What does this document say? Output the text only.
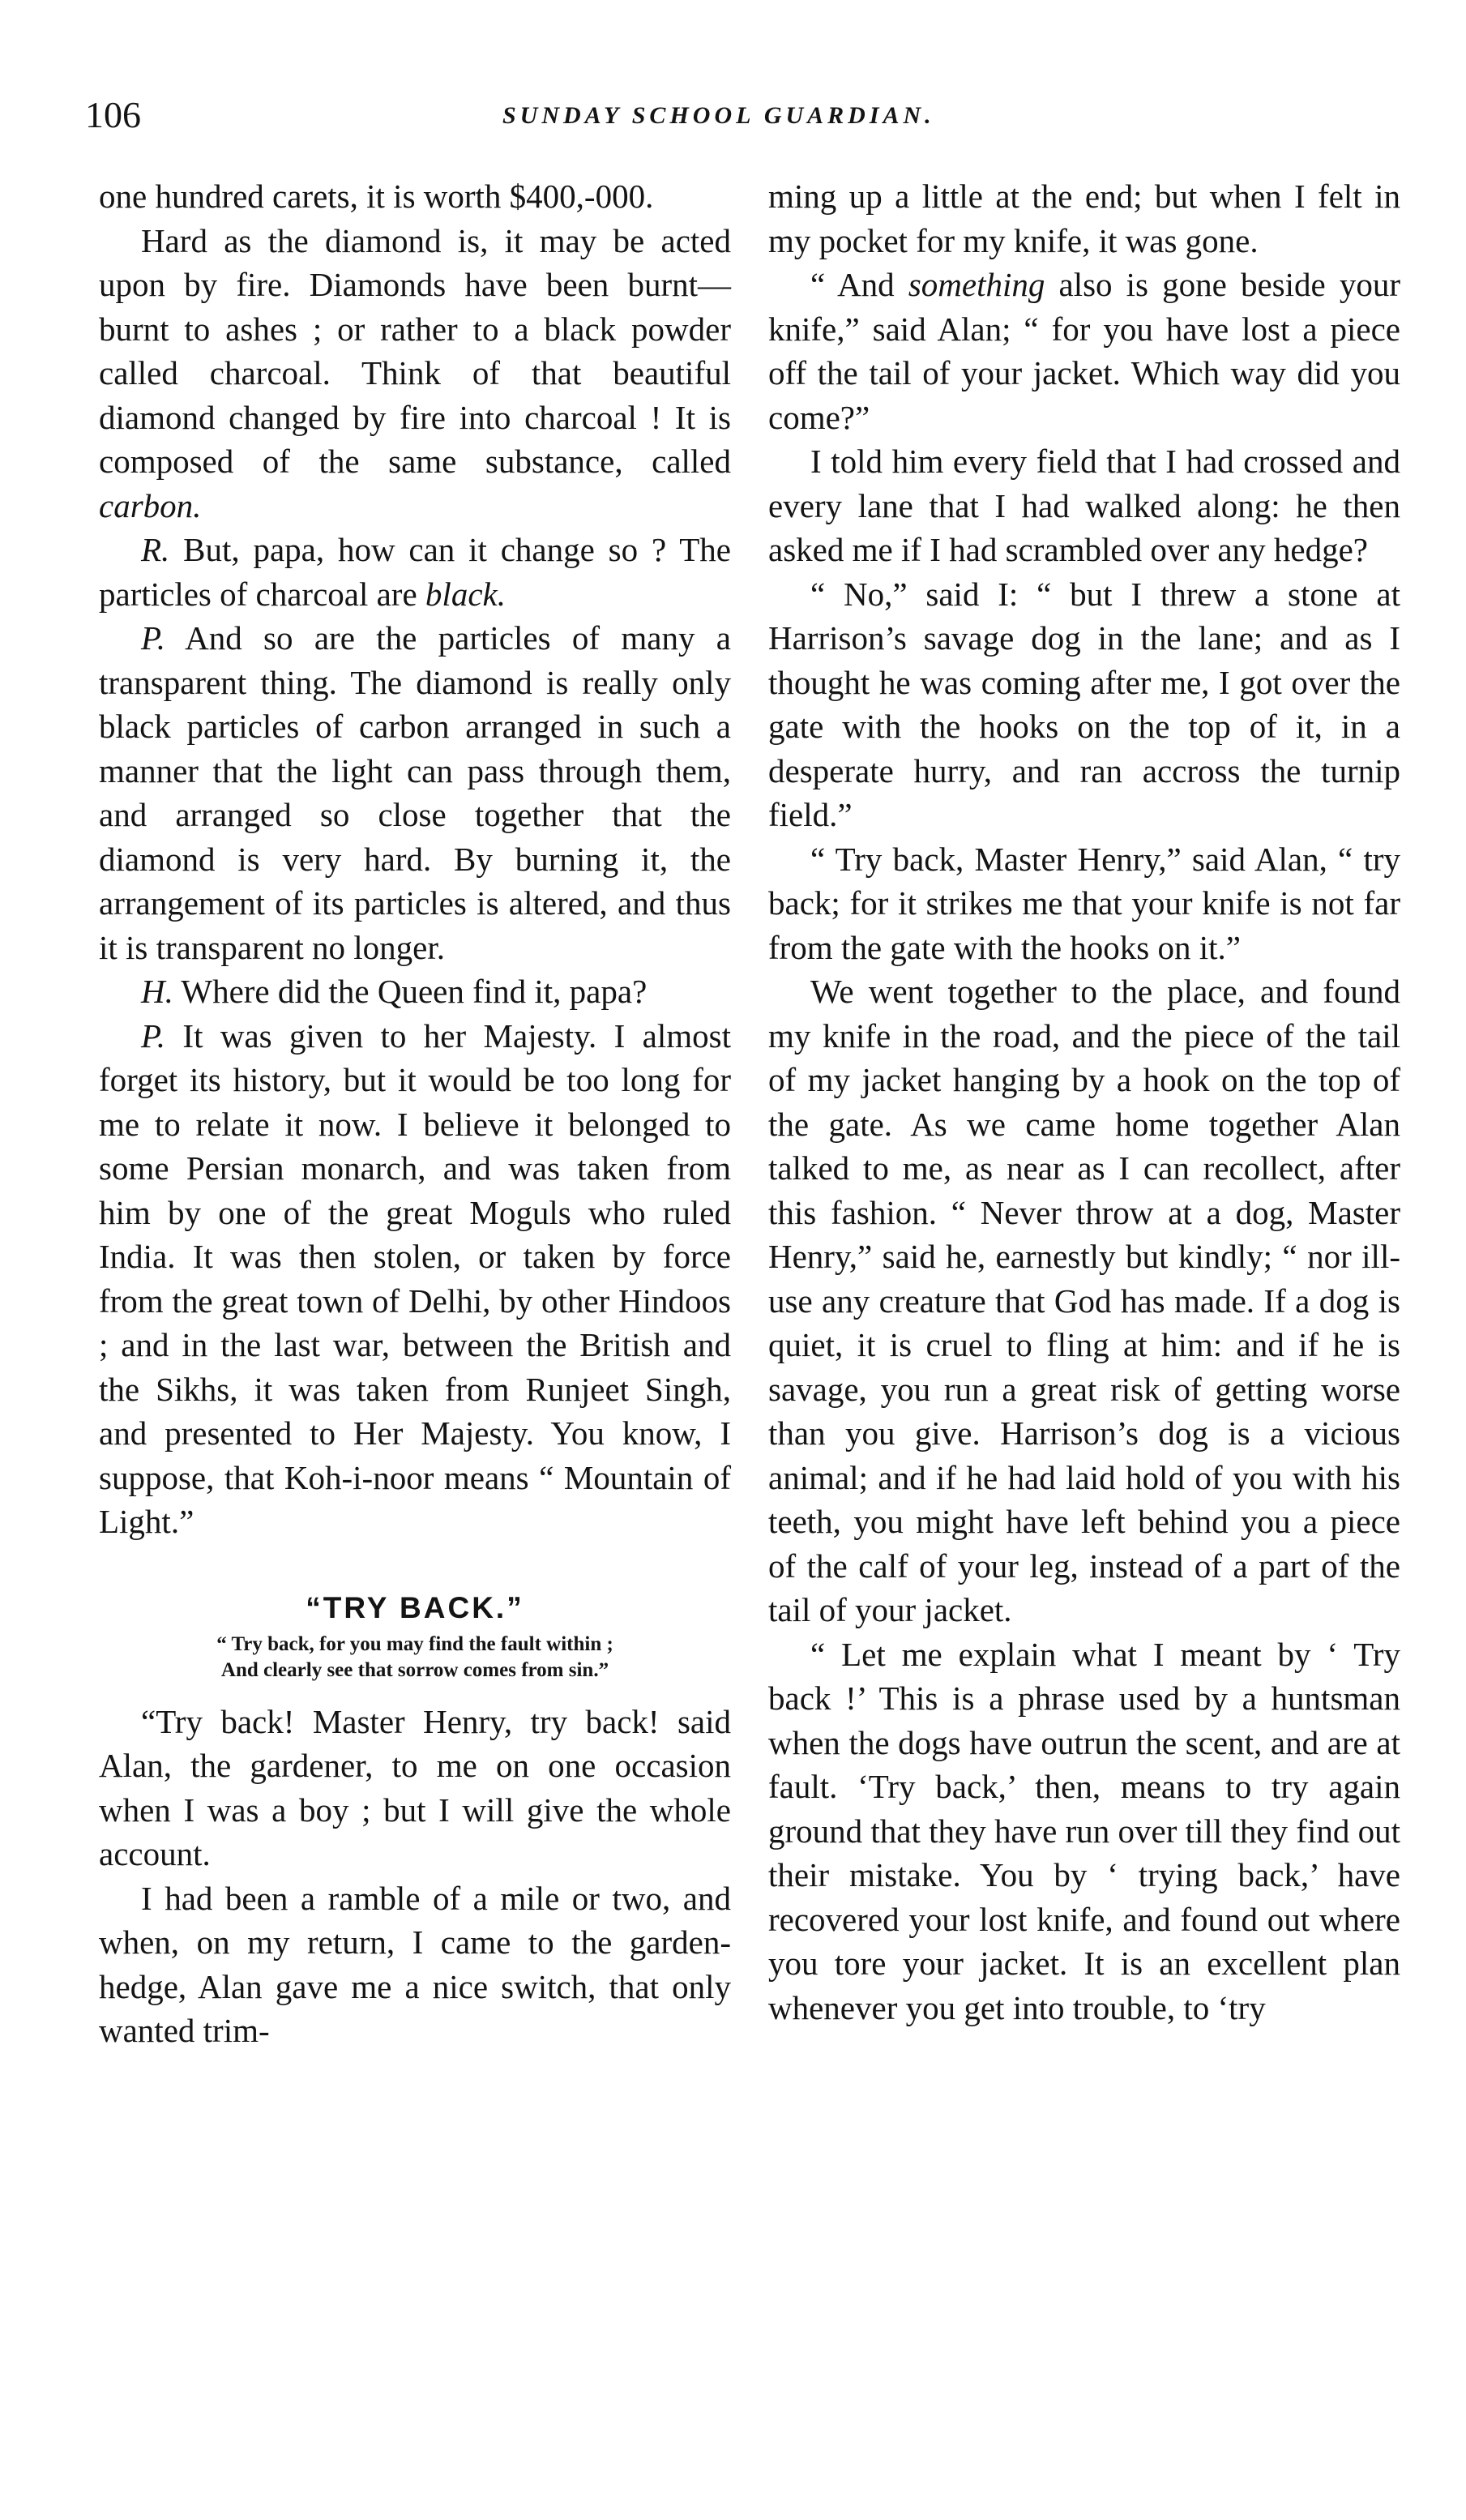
106	SUNDAY SCHOOL GUARDIAN.

one hundred carets, it is worth $400,-000.

Hard as the diamond is, it may be acted upon by fire. Diamonds have been burnt—burnt to ashes ; or rather to a black powder called charcoal. Think of that beautiful diamond changed by fire into charcoal ! It is composed of the same substance, called carbon.

R. But, papa, how can it change so ? The particles of charcoal are black.

P. And so are the particles of many a transparent thing. The diamond is really only black particles of carbon arranged in such a manner that the light can pass through them, and arranged so close together that the diamond is very hard. By burning it, the arrangement of its particles is altered, and thus it is transparent no longer.

H. Where did the Queen find it, papa?

P. It was given to her Majesty. I almost forget its history, but it would be too long for me to relate it now. I believe it belonged to some Persian monarch, and was taken from him by one of the great Moguls who ruled India. It was then stolen, or taken by force from the great town of Delhi, by other Hindoos ; and in the last war, between the British and the Sikhs, it was taken from Runjeet Singh, and presented to Her Majesty. You know, I suppose, that Koh-i-noor means “ Mountain of Light.”

“TRY BACK.”
“ Try back, for you may find the fault within ;
And clearly see that sorrow comes from sin.”

“Try back! Master Henry, try back! said Alan, the gardener, to me on one occasion when I was a boy ; but I will give the whole account.

I had been a ramble of a mile or two, and when, on my return, I came to the garden-hedge, Alan gave me a nice switch, that only wanted trim-

ming up a little at the end; but when I felt in my pocket for my knife, it was gone.

“ And something also is gone beside your knife,” said Alan; “ for you have lost a piece off the tail of your jacket. Which way did you come?”

I told him every field that I had crossed and every lane that I had walked along: he then asked me if I had scrambled over any hedge?

“ No,” said I: “ but I threw a stone at Harrison’s savage dog in the lane; and as I thought he was coming after me, I got over the gate with the hooks on the top of it, in a desperate hurry, and ran accross the turnip field.”

“ Try back, Master Henry,” said Alan, “ try back; for it strikes me that your knife is not far from the gate with the hooks on it.”

We went together to the place, and found my knife in the road, and the piece of the tail of my jacket hanging by a hook on the top of the gate. As we came home together Alan talked to me, as near as I can recollect, after this fashion. “ Never throw at a dog, Master Henry,” said he, earnestly but kindly; “ nor ill-use any creature that God has made. If a dog is quiet, it is cruel to fling at him: and if he is savage, you run a great risk of getting worse than you give. Harrison’s dog is a vicious animal; and if he had laid hold of you with his teeth, you might have left behind you a piece of the calf of your leg, instead of a part of the tail of your jacket.

“ Let me explain what I meant by ‘ Try back !’ This is a phrase used by a huntsman when the dogs have outrun the scent, and are at fault. ‘Try back,’ then, means to try again ground that they have run over till they find out their mistake. You by ‘ trying back,’ have recovered your lost knife, and found out where you tore your jacket. It is an excellent plan whenever you get into trouble, to ‘try
